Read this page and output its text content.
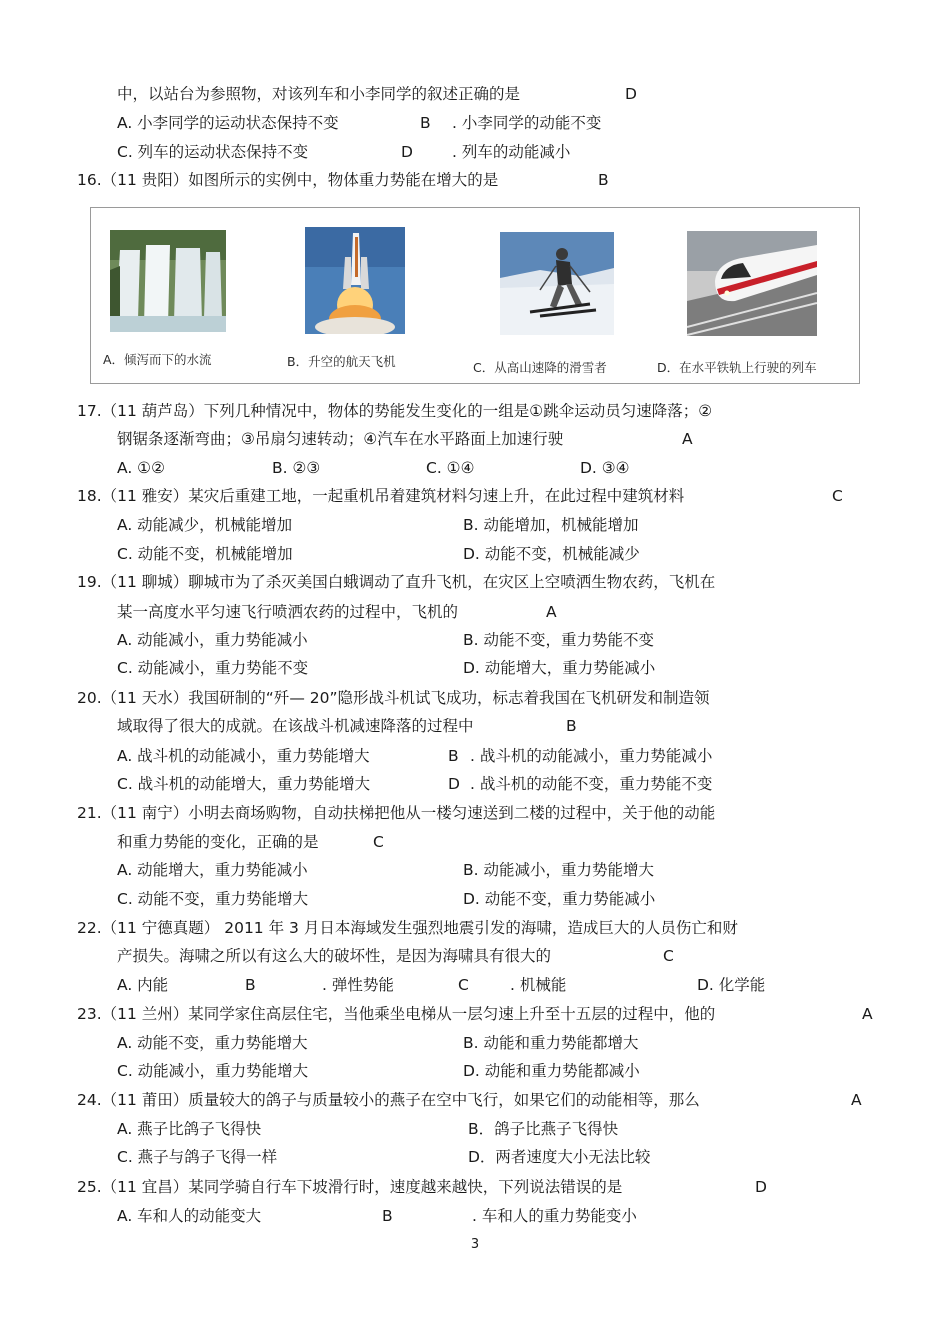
中，以站台为参照物，对该列车和小李同学的叙述正确的是	D
A. 小李同学的运动状态保持不变	B . 小李同学的动能不变
C. 列车的运动状态保持不变	D	. 列车的动能减小
16.（11 贵阳）如图所示的实例中，物体重力势能在增大的是	B
A．倾泻而下的水流	B．升空的航天飞机	C．从高山速降的滑雪者	D．在水平铁轨上行驶的列车
17.（11 葫芦岛）下列几种情况中，物体的势能发生变化的一组是①跳伞运动员匀速降落；②
钢锯条逐渐弯曲；③吊扇匀速转动；④汽车在水平路面上加速行驶	A
A. ①②	B. ②③	C. ①④	D. ③④
18.（11 雅安）某灾后重建工地，一起重机吊着建筑材料匀速上升，在此过程中建筑材料	C
A. 动能减少，机械能增加	B. 动能增加，机械能增加
C. 动能不变，机械能增加	D. 动能不变，机械能减少
19.（11 聊城）聊城市为了杀灭美国白蛾调动了直升飞机，在灾区上空喷洒生物农药，飞机在
某一高度水平匀速飞行喷洒农药的过程中，飞机的	A
A. 动能减小，重力势能减小	B. 动能不变，重力势能不变
C. 动能减小，重力势能不变	D. 动能增大，重力势能减小
20.（11 天水）我国研制的“歼— 20”隐形战斗机试飞成功，标志着我国在飞机研发和制造领
域取得了很大的成就。在该战斗机减速降落的过程中	B
A. 战斗机的动能减小，重力势能增大	B . 战斗机的动能减小，重力势能减小
C. 战斗机的动能增大，重力势能增大	D . 战斗机的动能不变，重力势能不变
21.（11 南宁）小明去商场购物，自动扶梯把他从一楼匀速送到二楼的过程中，关于他的动能
和重力势能的变化，正确的是	C
A. 动能增大，重力势能减小	B. 动能减小，重力势能增大
C. 动能不变，重力势能增大	D. 动能不变，重力势能减小
22.（11 宁德真题） 2011 年 3 月日本海域发生强烈地震引发的海啸，造成巨大的人员伤亡和财
产损失。海啸之所以有这么大的破坏性，是因为海啸具有很大的	C
A. 内能	B	. 弹性势能	C	. 机械能	D. 化学能
23.（11 兰州）某同学家住高层住宅，当他乘坐电梯从一层匀速上升至十五层的过程中，他的	A
A. 动能不变，重力势能增大	B. 动能和重力势能都增大
C. 动能减小，重力势能增大	D. 动能和重力势能都减小
24.（11 莆田）质量较大的鸽子与质量较小的燕子在空中飞行，如果它们的动能相等，那么	A
A. 燕子比鸽子飞得快	B．鸽子比燕子飞得快
C. 燕子与鸽子飞得一样	D．两者速度大小无法比较
25.（11 宜昌）某同学骑自行车下坡滑行时，速度越来越快，下列说法错误的是	D
A. 车和人的动能变大	B	. 车和人的重力势能变小
3
